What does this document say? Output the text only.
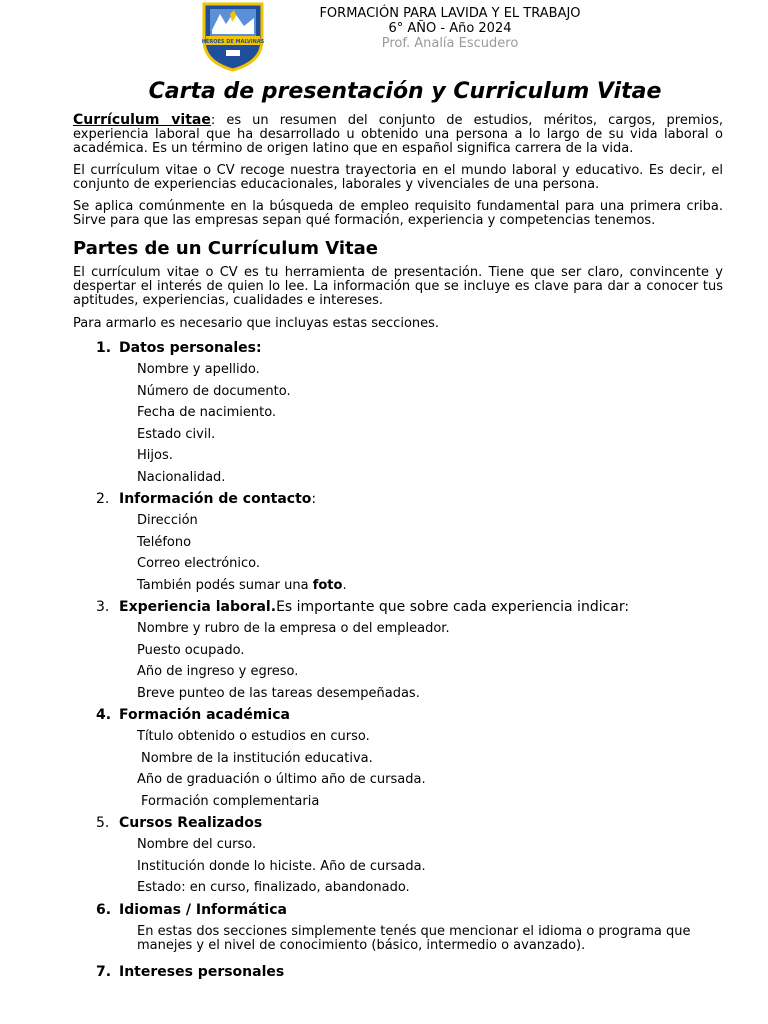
HÉROES DE MALVINAS
FORMACIÓN PARA LAVIDA Y EL TRABAJO
6° AÑO - Año 2024
Prof. Analía Escudero
Carta de presentación y Curriculum Vitae

Currículum vitae: es un resumen del conjunto de estudios, méritos, cargos, premios, experiencia laboral que ha desarrollado u obtenido una persona a lo largo de su vida laboral o académica. Es un término de origen latino que en español significa carrera de la vida.

El currículum vitae o CV recoge nuestra trayectoria en el mundo laboral y educativo. Es decir, el conjunto de experiencias educacionales, laborales y vivenciales de una persona.

Se aplica comúnmente en la búsqueda de empleo requisito fundamental para una primera criba. Sirve para que las empresas sepan qué formación, experiencia y competencias tenemos.

Partes de un Currículum Vitae

El currículum vitae o CV es tu herramienta de presentación. Tiene que ser claro, convincente y despertar el interés de quien lo lee. La información que se incluye es clave para dar a conocer tus aptitudes, experiencias, cualidades e intereses.

Para armarlo es necesario que incluyas estas secciones.

1. Datos personales:
Nombre y apellido.
Número de documento.
Fecha de nacimiento.
Estado civil.
Hijos.
Nacionalidad.
2. Información de contacto :
Dirección
Teléfono
Correo electrónico.
También podés sumar una foto.
3. Experiencia laboral. Es importante que sobre cada experiencia indicar:
Nombre y rubro de la empresa o del empleador.
Puesto ocupado.
Año de ingreso y egreso.
Breve punteo de las tareas desempeñadas.
4. Formación académica
Título obtenido o estudios en curso.
Nombre de la institución educativa.
Año de graduación o último año de cursada.
Formación complementaria
5. Cursos Realizados
Nombre del curso.
Institución donde lo hiciste. Año de cursada.
Estado: en curso, finalizado, abandonado.
6. Idiomas / Informática

En estas dos secciones simplemente tenés que mencionar el idioma o programa que manejes y el nivel de conocimiento (básico, intermedio o avanzado).

7. Intereses personales
